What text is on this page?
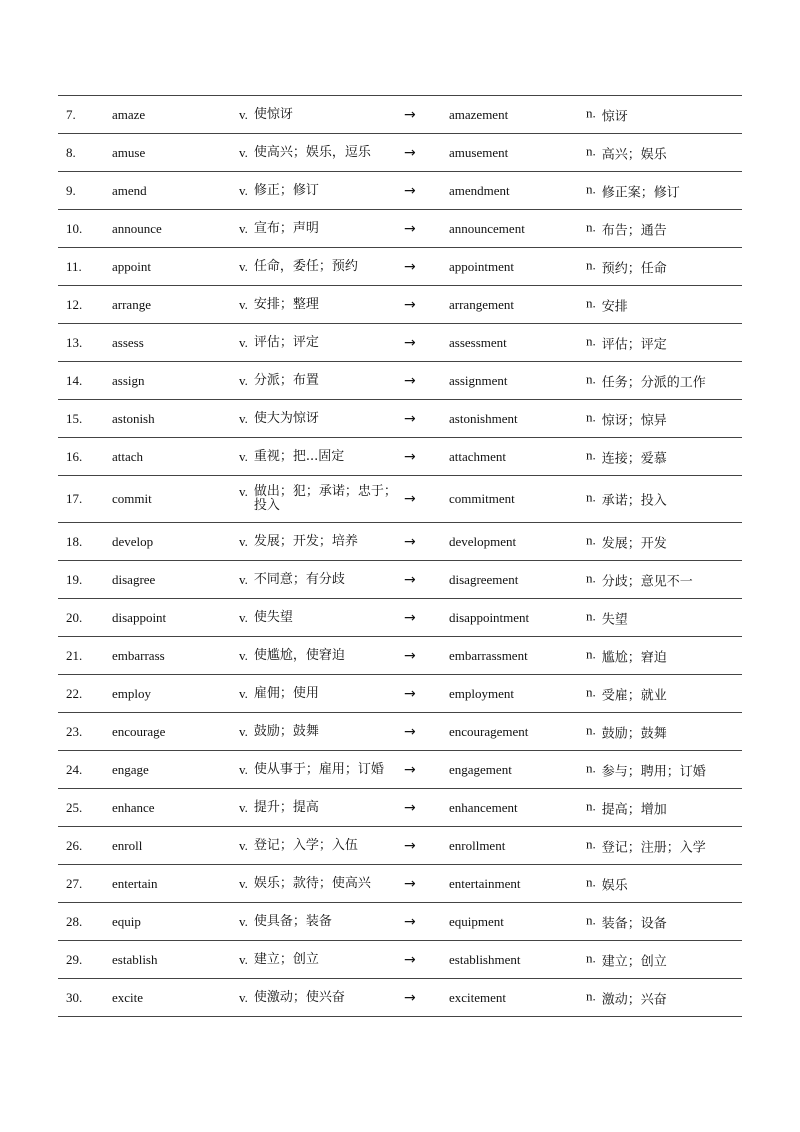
7.	amaze	v. 使惊讶	→	amazement	n. 惊讶
8.	amuse	v. 使高兴；娱乐，逗乐 →	amusement	n. 高兴；娱乐
9.	amend	v. 修正；修订	→	amendment	n. 修正案；修订
10. announce	v. 宣布；声明	→	announcement	n. 布告；通告
11. appoint	v. 任命，委任；预约	→	appointment	n. 预约；任命
12. arrange	v. 安排；整理	→	arrangement	n. 安排
13. assess	v. 评估；评定	→	assessment	n. 评估；评定
14. assign	v. 分派；布置	→	assignment	n. 任务；分派的工作
15. astonish	v. 使大为惊讶	→	astonishment	n. 惊讶；惊异
16. attach	v. 重视；把...固定	→	attachment	n. 连接；爱慕
17. commit	v. 做出；犯；承诺；忠于；投入	→	commitment	n. 承诺；投入
18. develop	v. 发展；开发；培养	→	development	n. 发展；开发
19. disagree	v. 不同意；有分歧	→	disagreement	n. 分歧；意见不一
20. disappoint	v. 使失望	→	disappointment	n. 失望
21. embarrass	v. 使尴尬，使窘迫	→	embarrassment	n. 尴尬；窘迫
22. employ	v. 雇佣；使用	→	employment	n. 受雇；就业
23. encourage	v. 鼓励；鼓舞	→	encouragement	n. 鼓励；鼓舞
24. engage	v. 使从事于；雇用；订婚 →	engagement	n. 参与；聘用；订婚
25. enhance	v. 提升；提高	→	enhancement	n. 提高；增加
26. enroll	v. 登记；入学；入伍	→	enrollment	n. 登记；注册；入学
27. entertain	v. 娱乐；款待；使高兴 →	entertainment	n. 娱乐
28. equip	v. 使具备；装备	→	equipment	n. 装备；设备
29. establish	v. 建立；创立	→	establishment	n. 建立；创立
30. excite	v. 使激动；使兴奋	→	excitement	n. 激动；兴奋
